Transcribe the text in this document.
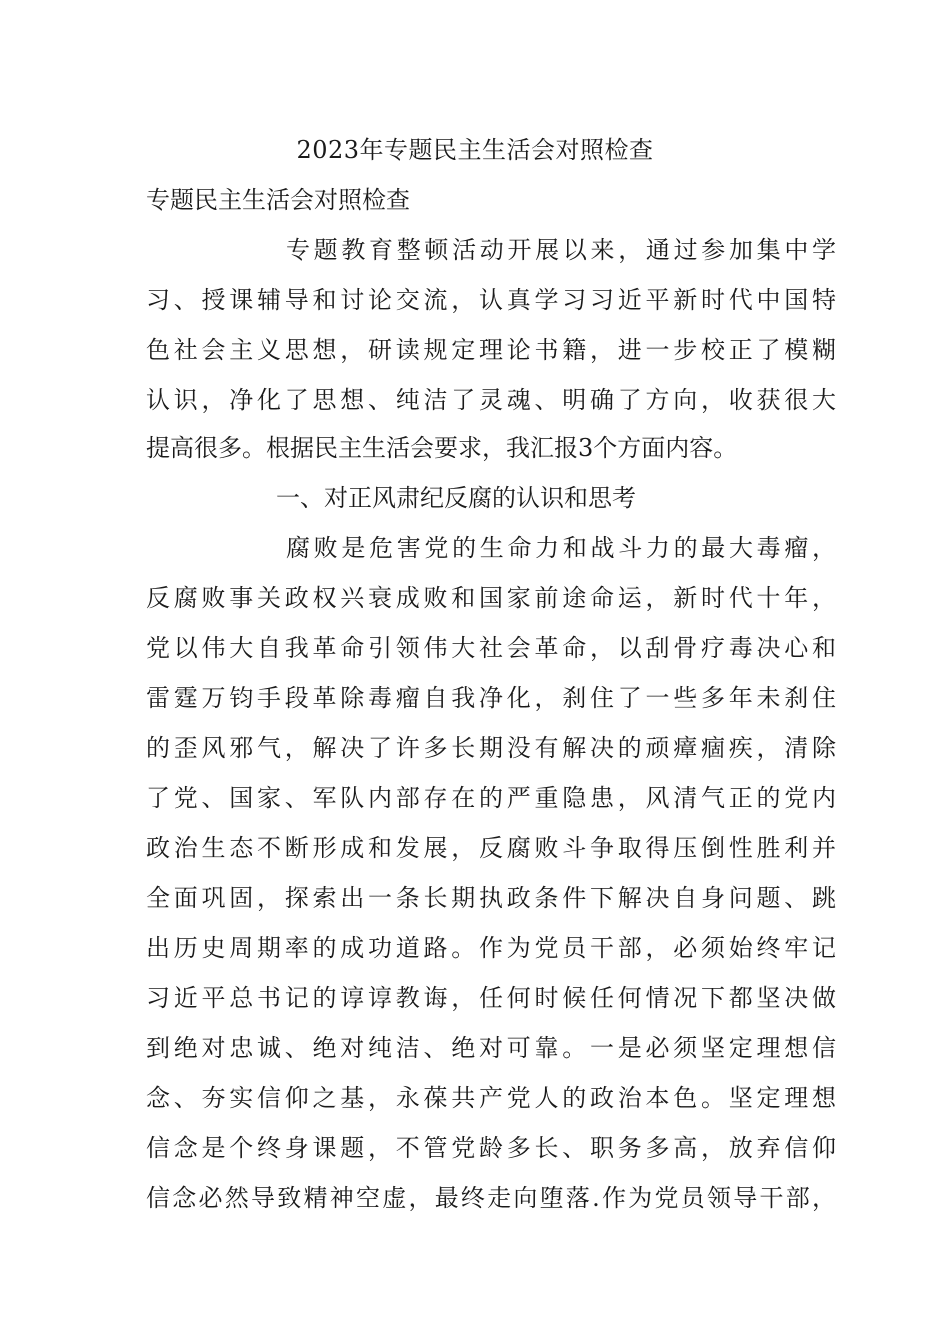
2023年专题民主生活会对照检查
专题民主生活会对照检查
专题教育整顿活动开展以来，通过参加集中学
习、授课辅导和讨论交流，认真学习习近平新时代中国特
色社会主义思想，研读规定理论书籍，进一步校正了模糊
认识，净化了思想、纯洁了灵魂、明确了方向，收获很大
提高很多。根据民主生活会要求，我汇报3个方面内容。
一、对正风肃纪反腐的认识和思考
腐败是危害党的生命力和战斗力的最大毒瘤，
反腐败事关政权兴衰成败和国家前途命运，新时代十年，
党以伟大自我革命引领伟大社会革命，以刮骨疗毒决心和
雷霆万钧手段革除毒瘤自我净化，刹住了一些多年未刹住
的歪风邪气，解决了许多长期没有解决的顽瘴痼疾，清除
了党、国家、军队内部存在的严重隐患，风清气正的党内
政治生态不断形成和发展，反腐败斗争取得压倒性胜利并
全面巩固，探索出一条长期执政条件下解决自身问题、跳
出历史周期率的成功道路。作为党员干部，必须始终牢记
习近平总书记的谆谆教诲，任何时候任何情况下都坚决做
到绝对忠诚、绝对纯洁、绝对可靠。一是必须坚定理想信
念、夯实信仰之基，永葆共产党人的政治本色。坚定理想
信念是个终身课题，不管党龄多长、职务多高，放弃信仰
信念必然导致精神空虚，最终走向堕落.作为党员领导干部，
